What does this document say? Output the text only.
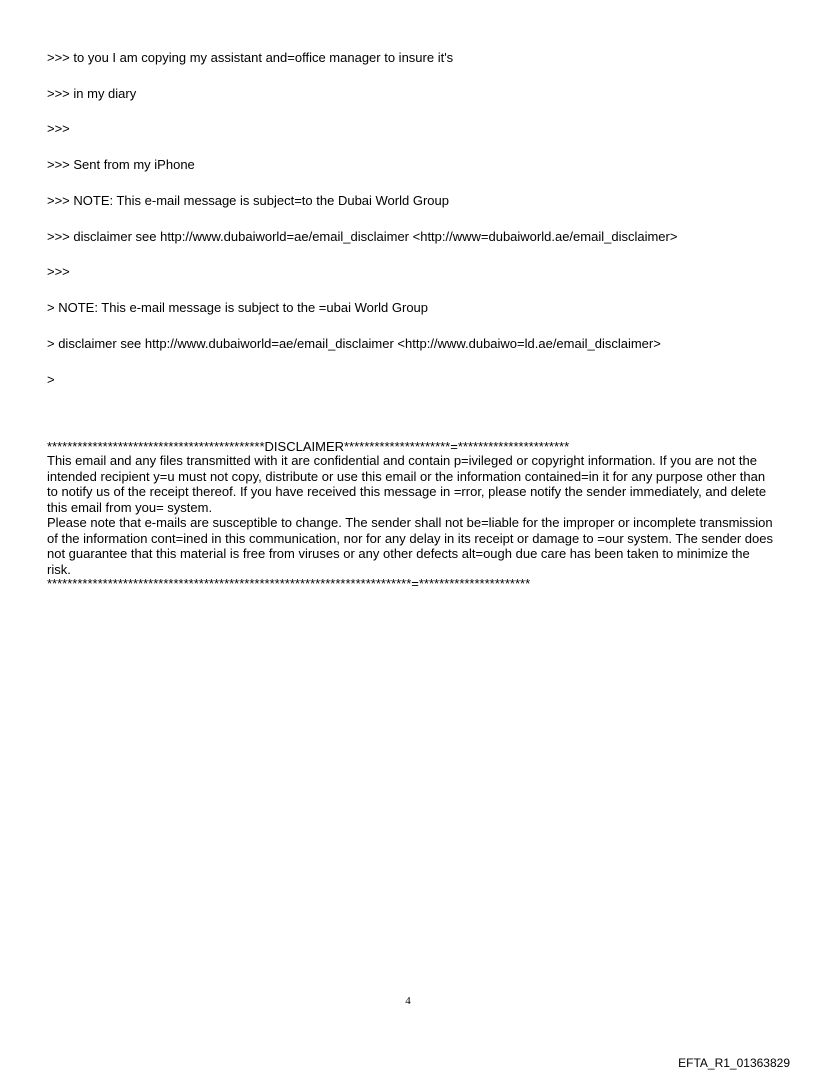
>>> to you I am copying my assistant and=office manager to insure it's
>>> in my diary
>>>
>>> Sent from my iPhone
>>> NOTE: This e-mail message is subject=to the Dubai World Group
>>> disclaimer see http://www.dubaiworld=ae/email_disclaimer <http://www=dubaiworld.ae/email_disclaimer>
>>>
> NOTE: This e-mail message is subject to the =ubai World Group
> disclaimer see http://www.dubaiworld=ae/email_disclaimer <http://www.dubaiwo=ld.ae/email_disclaimer>
>
*******************************************DISCLAIMER*********************=**********************

This email and any files transmitted with it are confidential and contain p=ivileged or copyright information. If you are not the intended recipient y=u must not copy, distribute or use this email or the information contained=in it for any purpose other than to notify us of the receipt thereof. If you have received this message in =rror, please notify the sender immediately, and delete this email from you= system.

Please note that e-mails are susceptible to change. The sender shall not be=liable for the improper or incomplete transmission of the information cont=ined in this communication, nor for any delay in its receipt or damage to =our system. The sender does not guarantee that this material is free from viruses or any other defects alt=ough due care has been taken to minimize the risk.

************************************************************************=**********************
4
EFTA_R1_01363829
